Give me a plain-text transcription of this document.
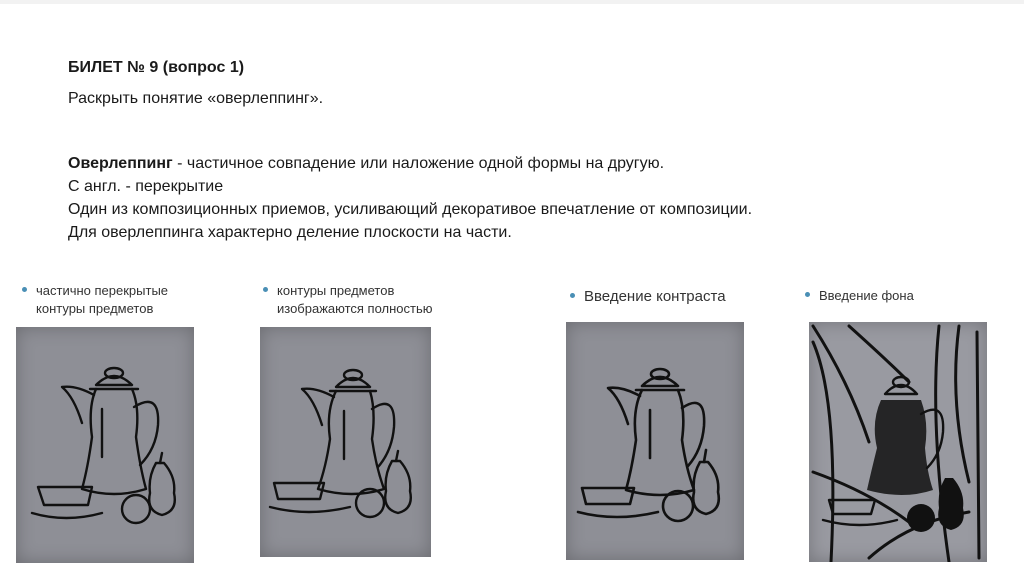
БИЛЕТ № 9 (вопрос 1)
Раскрыть понятие «оверлеппинг».
Оверлеппинг - частичное совпадение или наложение одной формы на другую.
С англ. - перекрытие
Один из композиционных приемов, усиливающий декоративое впечатление от композиции.
Для оверлеппинга характерно деление плоскости на части.
частично перекрытые
контуры предметов
контуры предметов
изображаются полностью
Введение контраста	Введение фона
